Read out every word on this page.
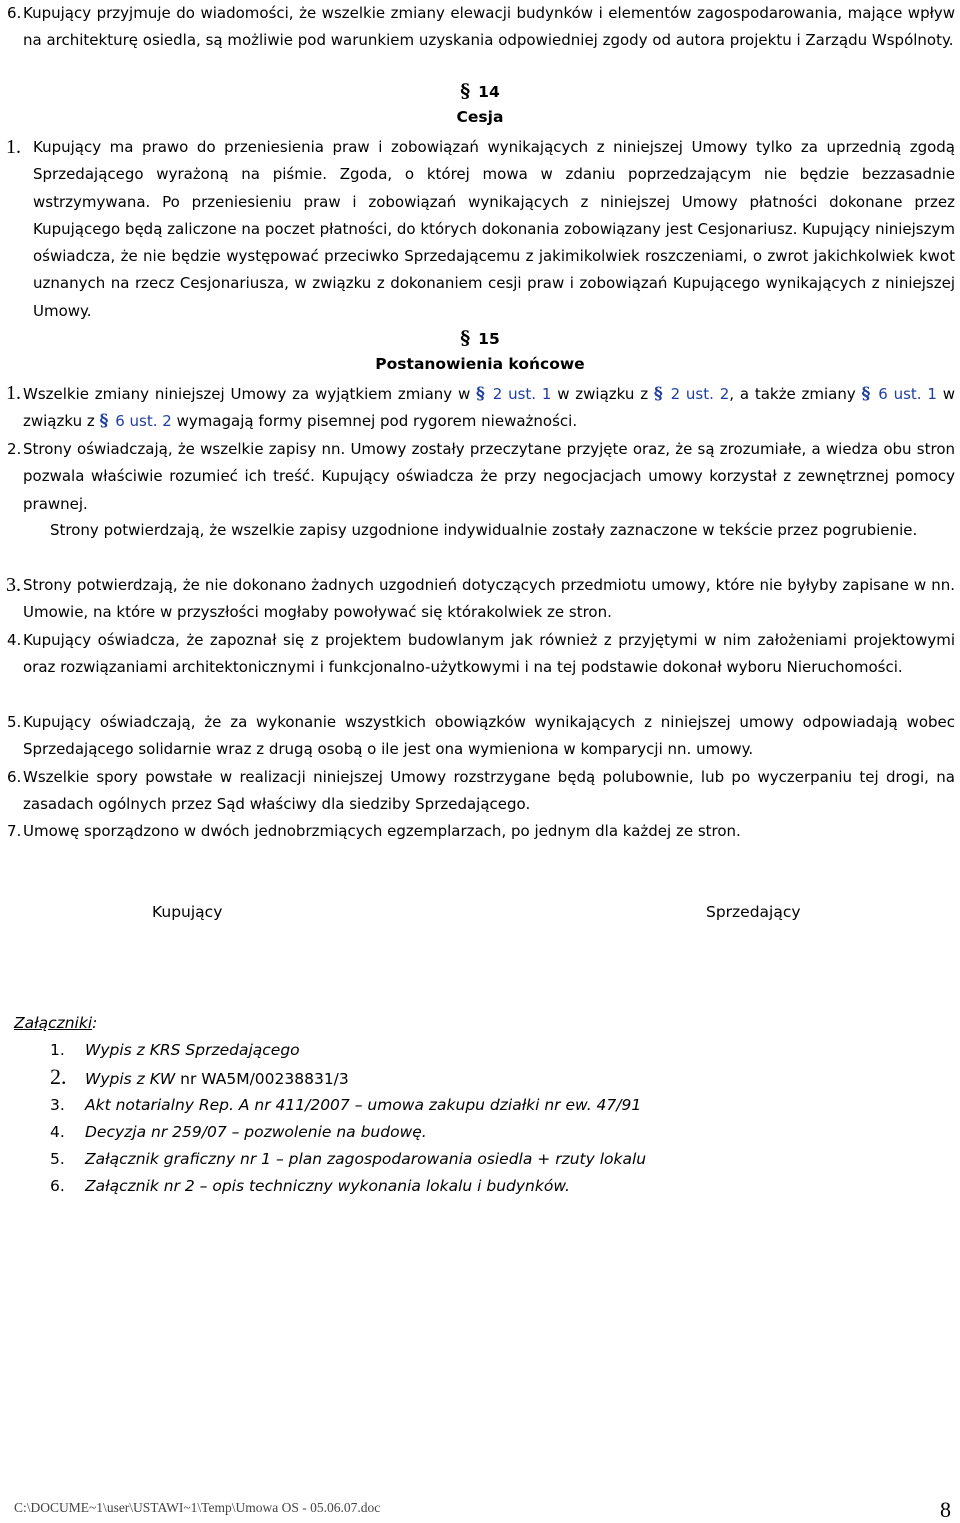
6. Kupujący przyjmuje do wiadomości, że wszelkie zmiany elewacji budynków i elementów zagospodarowania, mające wpływ na architekturę osiedla, są możliwie pod warunkiem uzyskania odpowiedniej zgody od autora projektu i Zarządu Wspólnoty.

§ 14
Cesja
1. Kupujący ma prawo do przeniesienia praw i zobowiązań wynikających z niniejszej Umowy tylko za uprzednią zgodą Sprzedającego wyrażoną na piśmie. Zgoda, o której mowa w zdaniu poprzedzającym nie będzie bezzasadnie wstrzymywana. Po przeniesieniu praw i zobowiązań wynikających z niniejszej Umowy płatności dokonane przez Kupującego będą zaliczone na poczet płatności, do których dokonania zobowiązany jest Cesjonariusz. Kupujący niniejszym oświadcza, że nie będzie występować przeciwko Sprzedającemu z jakimikolwiek roszczeniami, o zwrot jakichkolwiek kwot uznanych na rzecz Cesjonariusza, w związku z dokonaniem cesji praw i zobowiązań Kupującego wynikających z niniejszej Umowy.

§ 15
Postanowienia końcowe
1. Wszelkie zmiany niniejszej Umowy za wyjątkiem zmiany w § 2 ust. 1 w związku z § 2 ust. 2, a także zmiany § 6 ust. 1 w związku z § 6 ust. 2 wymagają formy pisemnej pod rygorem nieważności.

2. Strony oświadczają, że wszelkie zapisy nn. Umowy zostały przeczytane przyjęte oraz, że są zrozumiałe, a wiedza obu stron pozwala właściwie rozumieć ich treść. Kupujący oświadcza że przy negocjacjach umowy korzystał z zewnętrznej pomocy prawnej.

Strony potwierdzają, że wszelkie zapisy uzgodnione indywidualnie zostały zaznaczone w tekście przez pogrubienie.

3. Strony potwierdzają, że nie dokonano żadnych uzgodnień dotyczących przedmiotu umowy, które nie byłyby zapisane w nn. Umowie, na które w przyszłości mogłaby powoływać się którakolwiek ze stron.

4. Kupujący oświadcza, że zapoznał się z projektem budowlanym jak również z przyjętymi w nim założeniami projektowymi oraz rozwiązaniami architektonicznymi i funkcjonalno-użytkowymi i na tej podstawie dokonał wyboru Nieruchomości.

5. Kupujący oświadczają, że za wykonanie wszystkich obowiązków wynikających z niniejszej umowy odpowiadają wobec Sprzedającego solidarnie wraz z drugą osobą o ile jest ona wymieniona w komparycji nn. umowy.

6. Wszelkie spory powstałe w realizacji niniejszej Umowy rozstrzygane będą polubownie, lub po wyczerpaniu tej drogi, na zasadach ogólnych przez Sąd właściwy dla siedziby Sprzedającego.

7. Umowę sporządzono w dwóch jednobrzmiących egzemplarzach, po jednym dla każdej ze stron.

Kupujący	Sprzedający
Załączniki:
1. Wypis z KRS Sprzedającego
2. Wypis z KW nr WA5M/00238831/3
3. Akt notarialny Rep. A nr 411/2007 – umowa zakupu działki nr ew. 47/91
4. Decyzja nr 259/07 – pozwolenie na budowę.
5. Załącznik graficzny nr 1 – plan zagospodarowania osiedla + rzuty lokalu
6. Załącznik nr 2 – opis techniczny wykonania lokalu i budynków.
C:\DOCUME~1\user\USTAWI~1\Temp\Umowa OS - 05.06.07.doc	8
